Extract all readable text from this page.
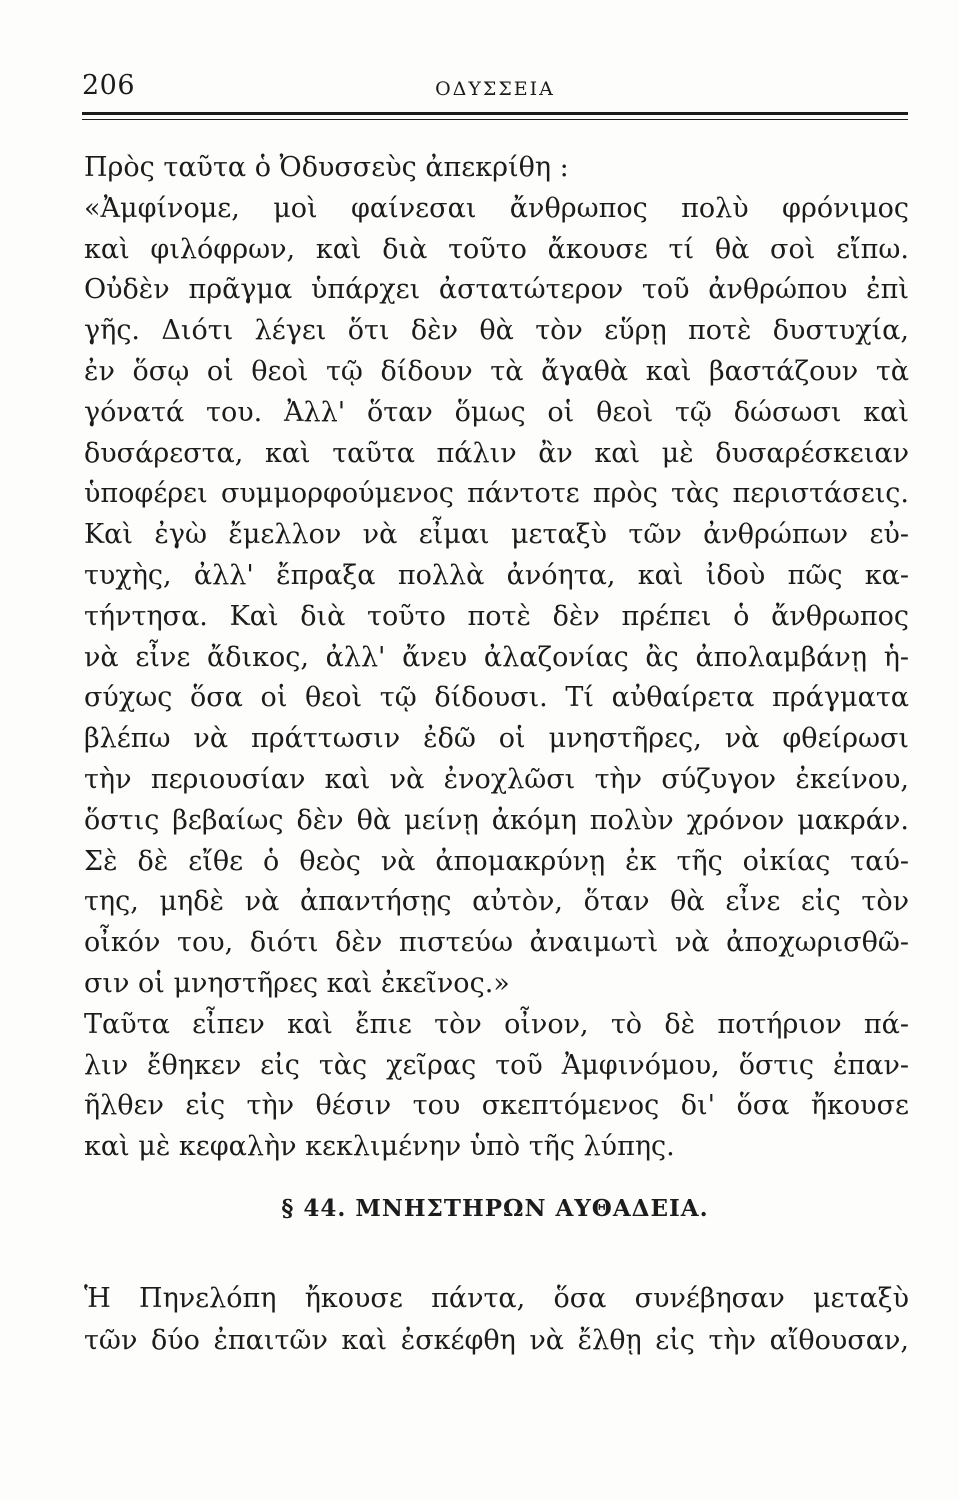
206	ΟΔΥΣΣΕΙΑ
Πρὸς ταῦτα ὁ Ὀδυσσεὺς ἀπεκρίθη :
«Ἀμφίνομε, μοὶ φαίνεσαι ἄνθρωπος πολὺ φρόνιμος
καὶ φιλόφρων, καὶ διὰ τοῦτο ἄκουσε τί θὰ σοὶ εἴπω.
Οὐδὲν πρᾶγμα ὑπάρχει ἀστατώτερον τοῦ ἀνθρώπου ἐπὶ
γῆς. Διότι λέγει ὅτι δὲν θὰ τὸν εὕρῃ ποτὲ δυστυχία,
ἐν ὅσῳ οἱ θεοὶ τῷ δίδουν τὰ ἄγαθὰ καὶ βαστάζουν τὰ
γόνατά του. Ἀλλ' ὅταν ὅμως οἱ θεοὶ τῷ δώσωσι καὶ
δυσάρεστα, καὶ ταῦτα πάλιν ἂν καὶ μὲ δυσαρέσκειαν
ὑποφέρει συμμορφούμενος πάντοτε πρὸς τὰς περιστάσεις.
Καὶ ἐγὼ ἔμελλον νὰ εἶμαι μεταξὺ τῶν ἀνθρώπων εὐ-
τυχὴς, ἀλλ' ἔπραξα πολλὰ ἀνόητα, καὶ ἰδοὺ πῶς κα-
τήντησα. Καὶ διὰ τοῦτο ποτὲ δὲν πρέπει ὁ ἄνθρωπος
νὰ εἶνε ἄδικος, ἀλλ' ἄνευ ἀλαζονίας ἂς ἀπολαμβάνῃ ἡ-
σύχως ὅσα οἱ θεοὶ τῷ δίδουσι. Τί αὐθαίρετα πράγματα
βλέπω νὰ πράττωσιν ἐδῶ οἱ μνηστῆρες, νὰ φθείρωσι
τὴν περιουσίαν καὶ νὰ ἐνοχλῶσι τὴν σύζυγον ἐκείνου,
ὅστις βεβαίως δὲν θὰ μείνῃ ἀκόμη πολὺν χρόνον μακράν.
Σὲ δὲ εἴθε ὁ θεὸς νὰ ἀπομακρύνῃ ἐκ τῆς οἰκίας ταύ-
της, μηδὲ νὰ ἀπαντήσῃς αὐτὸν, ὅταν θὰ εἶνε εἰς τὸν
οἶκόν του, διότι δὲν πιστεύω ἀναιμωτὶ νὰ ἀποχωρισθῶ-
σιν οἱ μνηστῆρες καὶ ἐκεῖνος.»
Ταῦτα εἶπεν καὶ ἔπιε τὸν οἶνον, τὸ δὲ ποτήριον πά-
λιν ἔθηκεν εἰς τὰς χεῖρας τοῦ Ἀμφινόμου, ὅστις ἐπαν-
ῆλθεν εἰς τὴν θέσιν του σκεπτόμενος δι' ὅσα ἤκουσε
καὶ μὲ κεφαλὴν κεκλιμένην ὑπὸ τῆς λύπης.
§ 44. ΜΝΗΣΤΗΡΩΝ ΑΥΘΑΔΕΙΑ.
Ἡ Πηνελόπη ἤκουσε πάντα, ὅσα συνέβησαν μεταξὺ
τῶν δύο ἐπαιτῶν καὶ ἐσκέφθη νὰ ἔλθῃ εἰς τὴν αἴθουσαν,
